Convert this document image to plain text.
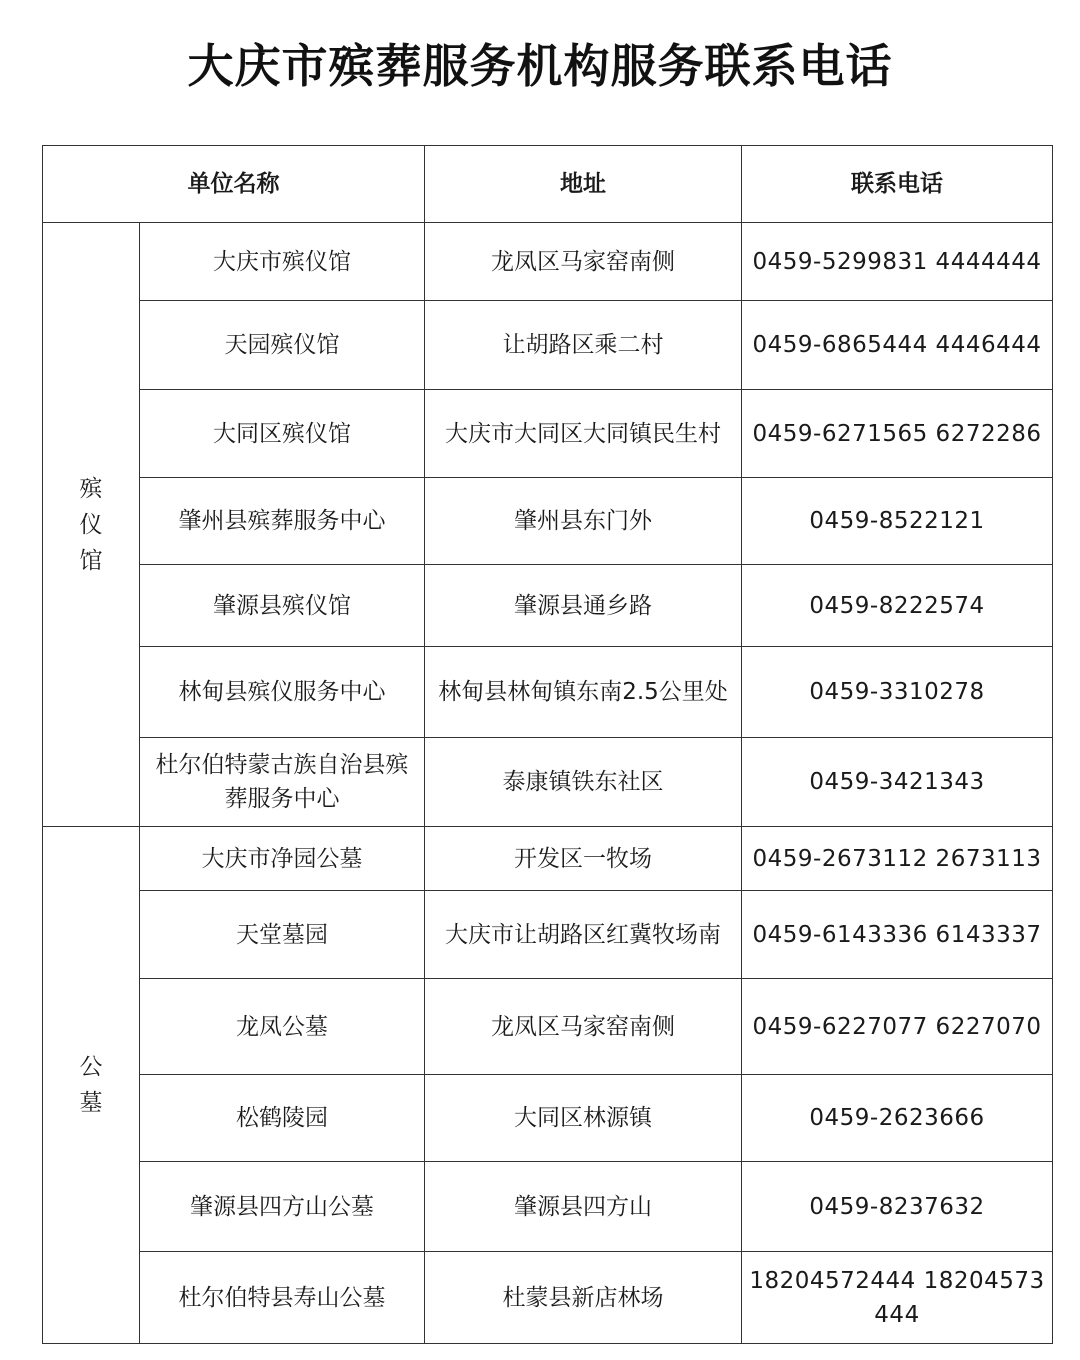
大庆市殡葬服务机构服务联系电话
单位名称		地址	联系电话
殡仪馆	大庆市殡仪馆	龙凤区马家窑南侧	0459-5299831 4444444
	天园殡仪馆	让胡路区乘二村	0459-6865444 4446444
	大同区殡仪馆	大庆市大同区大同镇民生村	0459-6271565 6272286
	肇州县殡葬服务中心	肇州县东门外	0459-8522121
	肇源县殡仪馆	肇源县通乡路	0459-8222574
	林甸县殡仪服务中心	林甸县林甸镇东南2.5公里处	0459-3310278
	杜尔伯特蒙古族自治县殡葬服务中心	泰康镇铁东社区	0459-3421343
公墓	大庆市净园公墓	开发区一牧场	0459-2673112 2673113
	天堂墓园	大庆市让胡路区红冀牧场南	0459-6143336 6143337
	龙凤公墓	龙凤区马家窑南侧	0459-6227077 6227070
	松鹤陵园	大同区林源镇	0459-2623666
	肇源县四方山公墓	肇源县四方山	0459-8237632
	杜尔伯特县寿山公墓	杜蒙县新店林场	18204572444 18204573444
